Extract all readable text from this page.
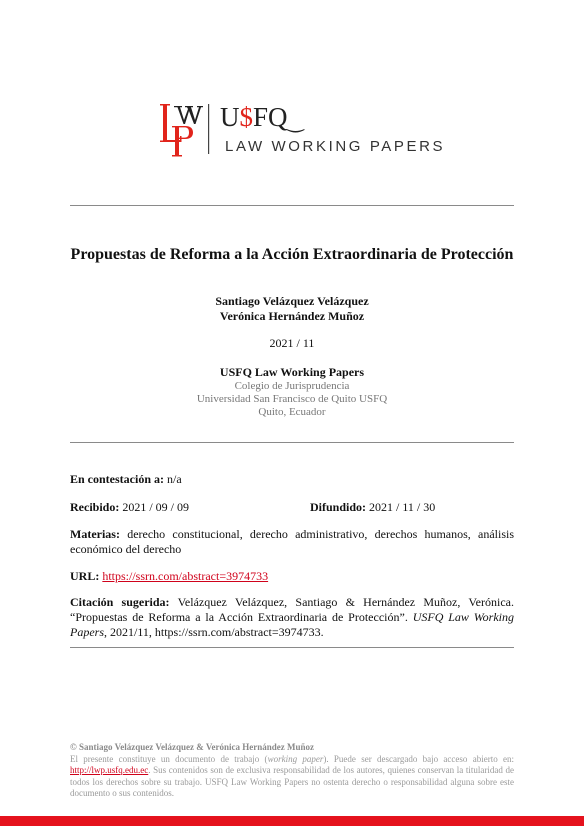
U$FQ‿
LAW WORKING PAPERS
Propuestas de Reforma a la Acción Extraordinaria de Protección
Santiago Velázquez Velázquez
Verónica Hernández Muñoz
2021 / 11
USFQ Law Working Papers
Colegio de Jurisprudencia
Universidad San Francisco de Quito USFQ
Quito, Ecuador
En contestación a: n/a
Recibido: 2021 / 09 / 09	Difundido: 2021 / 11 / 30
Materias: derecho constitucional, derecho administrativo, derechos humanos, análisis económico del derecho
URL: https://ssrn.com/abstract=3974733
Citación sugerida: Velázquez Velázquez, Santiago & Hernández Muñoz, Verónica. “Propuestas de Reforma a la Acción Extraordinaria de Protección”. USFQ Law Working Papers, 2021/11, https://ssrn.com/abstract=3974733.
© Santiago Velázquez Velázquez & Verónica Hernández Muñoz
El presente constituye un documento de trabajo (working paper). Puede ser descargado bajo acceso abierto en: http://lwp.usfq.edu.ec. Sus contenidos son de exclusiva responsabilidad de los autores, quienes conservan la titularidad de todos los derechos sobre su trabajo. USFQ Law Working Papers no ostenta derecho o responsabilidad alguna sobre este documento o sus contenidos.
